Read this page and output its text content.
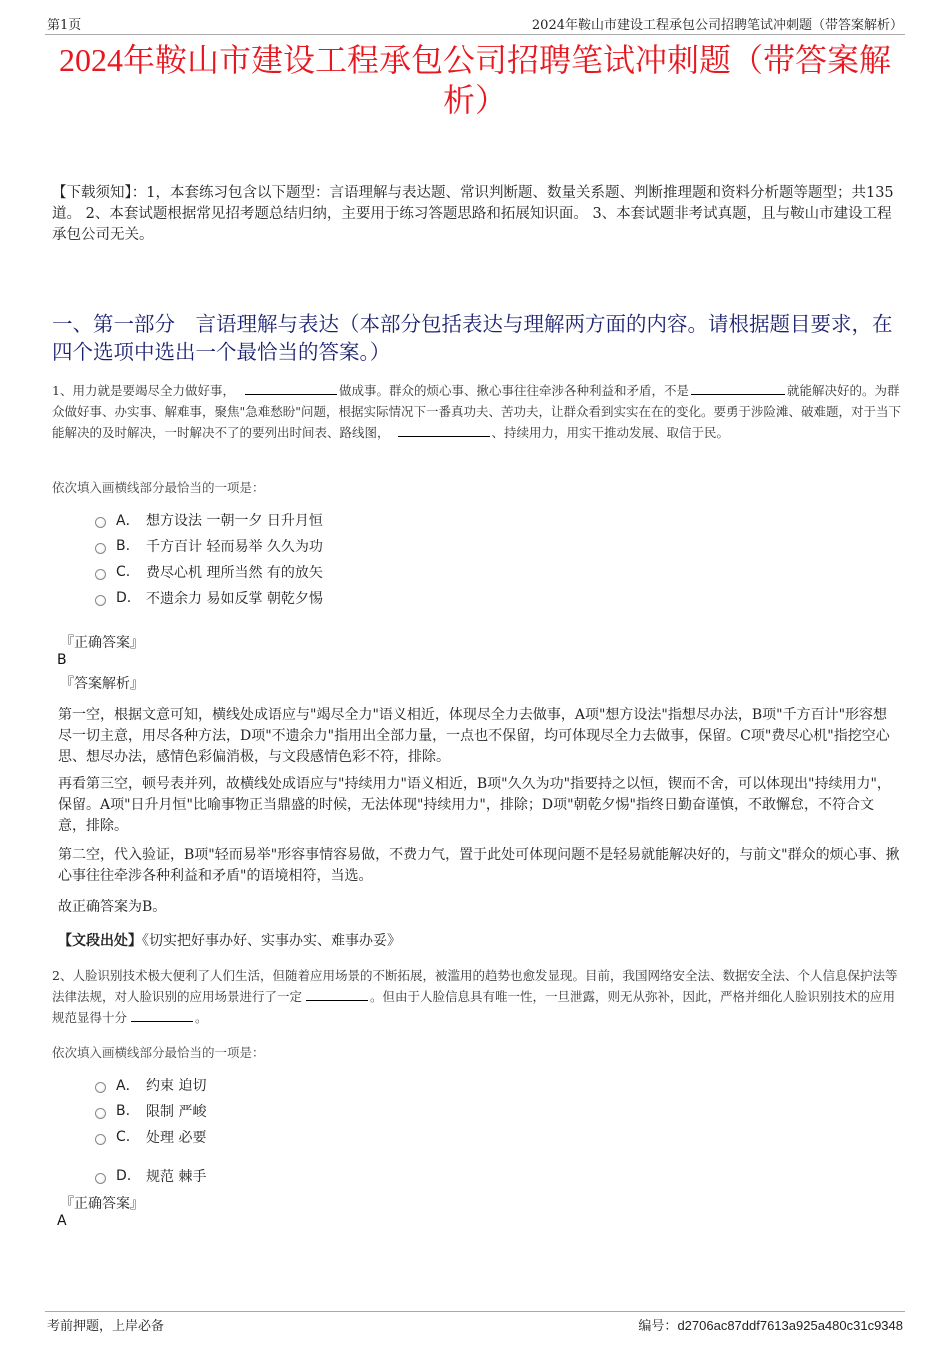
第1页	2024年鞍山市建设工程承包公司招聘笔试冲刺题（带答案解析）
2024年鞍山市建设工程承包公司招聘笔试冲刺题（带答案解
析）
【下载须知】：1，本套练习包含以下题型：言语理解与表达题、常识判断题、数量关系题、判断推理题和资料分析题等题型；共135道。 2、本套试题根据常见招考题总结归纳，主要用于练习答题思路和拓展知识面。 3、本套试题非考试真题，且与鞍山市建设工程承包公司无关。
一、第一部分　言语理解与表达（本部分包括表达与理解两方面的内容。请根据题目要求，在四个选项中选出一个最恰当的答案。）
1、用力就是要竭尽全力做好事，	做成事。群众的烦心事、揪心事往往牵涉各种利益和矛盾，不是	就能解决好的。为群众做好事、办实事、解难事，聚焦"急难愁盼"问题，根据实际情况下一番真功夫、苦功夫，让群众看到实实在在的变化。要勇于涉险滩、破难题，对于当下能解决的及时解决，一时解决不了的要列出时间表、路线图，	、持续用力，用实干推动发展、取信于民。
依次填入画横线部分最恰当的一项是：
A． 想方设法 一朝一夕 日升月恒
B.	千方百计 轻而易举 久久为功
C.	费尽心机 理所当然 有的放矢
D.	不遗余力 易如反掌 朝乾夕惕
『正确答案』
B
『答案解析』
第一空，根据文意可知，横线处成语应与"竭尽全力"语义相近，体现尽全力去做事，A项"想方设法"指想尽办法，B项"千方百计"形容想尽一切主意，用尽各种方法，D项"不遗余力"指用出全部力量，一点也不保留，均可体现尽全力去做事，保留。C项"费尽心机"指挖空心思、想尽办法，感情色彩偏消极，与文段感情色彩不符，排除。
再看第三空，顿号表并列，故横线处成语应与"持续用力"语义相近，B项"久久为功"指要持之以恒，锲而不舍，可以体现出"持续用力"，保留。A项"日升月恒"比喻事物正当鼎盛的时候，无法体现"持续用力"，排除；D项"朝乾夕惕"指终日勤奋谨慎，不敢懈怠，不符合文意，排除。
第二空，代入验证，B项"轻而易举"形容事情容易做，不费力气，置于此处可体现问题不是轻易就能解决好的，与前文"群众的烦心事、揪心事往往牵涉各种利益和矛盾"的语境相符，当选。
故正确答案为B。
【文段出处】《切实把好事办好、实事办实、难事办妥》
2、人脸识别技术极大便利了人们生活，但随着应用场景的不断拓展，被滥用的趋势也愈发显现。目前，我国网络安全法、数据安全法、个人信息保护法等法律法规，对人脸识别的应用场景进行了一定	。但由于人脸信息具有唯一性，一旦泄露，则无从弥补，因此，严格并细化人脸识别技术的应用规范显得十分	。
依次填入画横线部分最恰当的一项是：
A． 约束 迫切
B.	限制 严峻
C.	处理 必要
D.	规范 棘手
『正确答案』
A
考前押题，上岸必备	编号：d2706ac87ddf7613a925a480c31c9348
